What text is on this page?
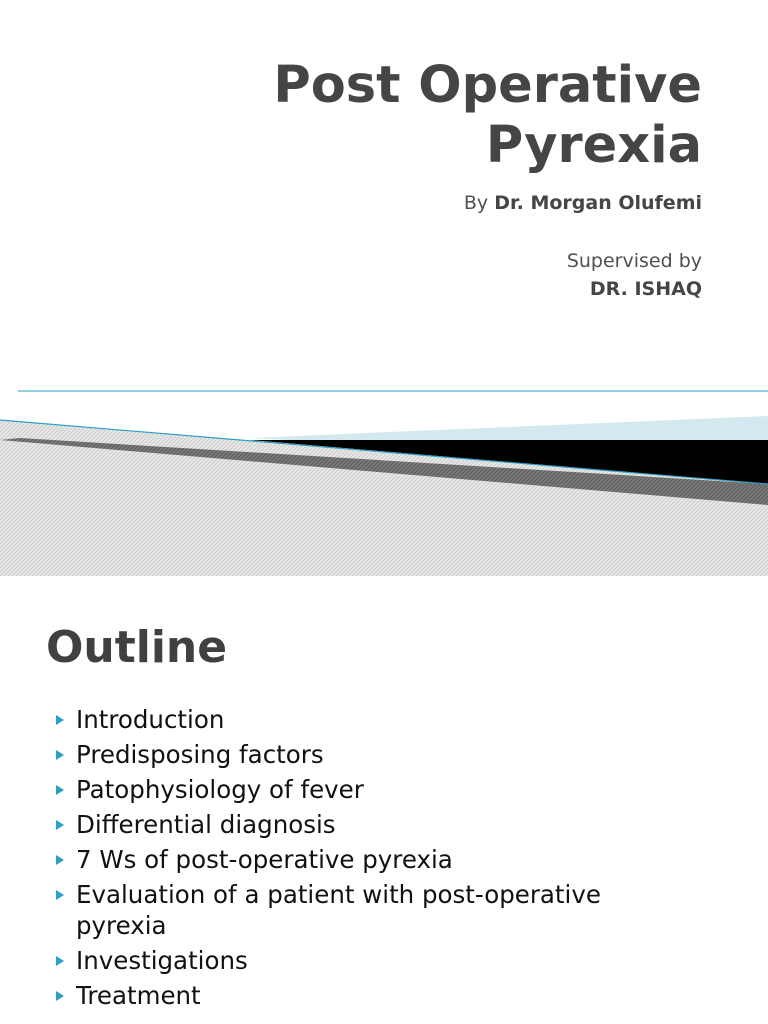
Post Operative
Pyrexia
By Dr. Morgan Olufemi
Supervised by
DR. ISHAQ
Outline
Introduction
Predisposing factors
Patophysiology of fever
Differential diagnosis
7 Ws of post-operative pyrexia
Evaluation of a patient with post-operative pyrexia
Investigations
Treatment
